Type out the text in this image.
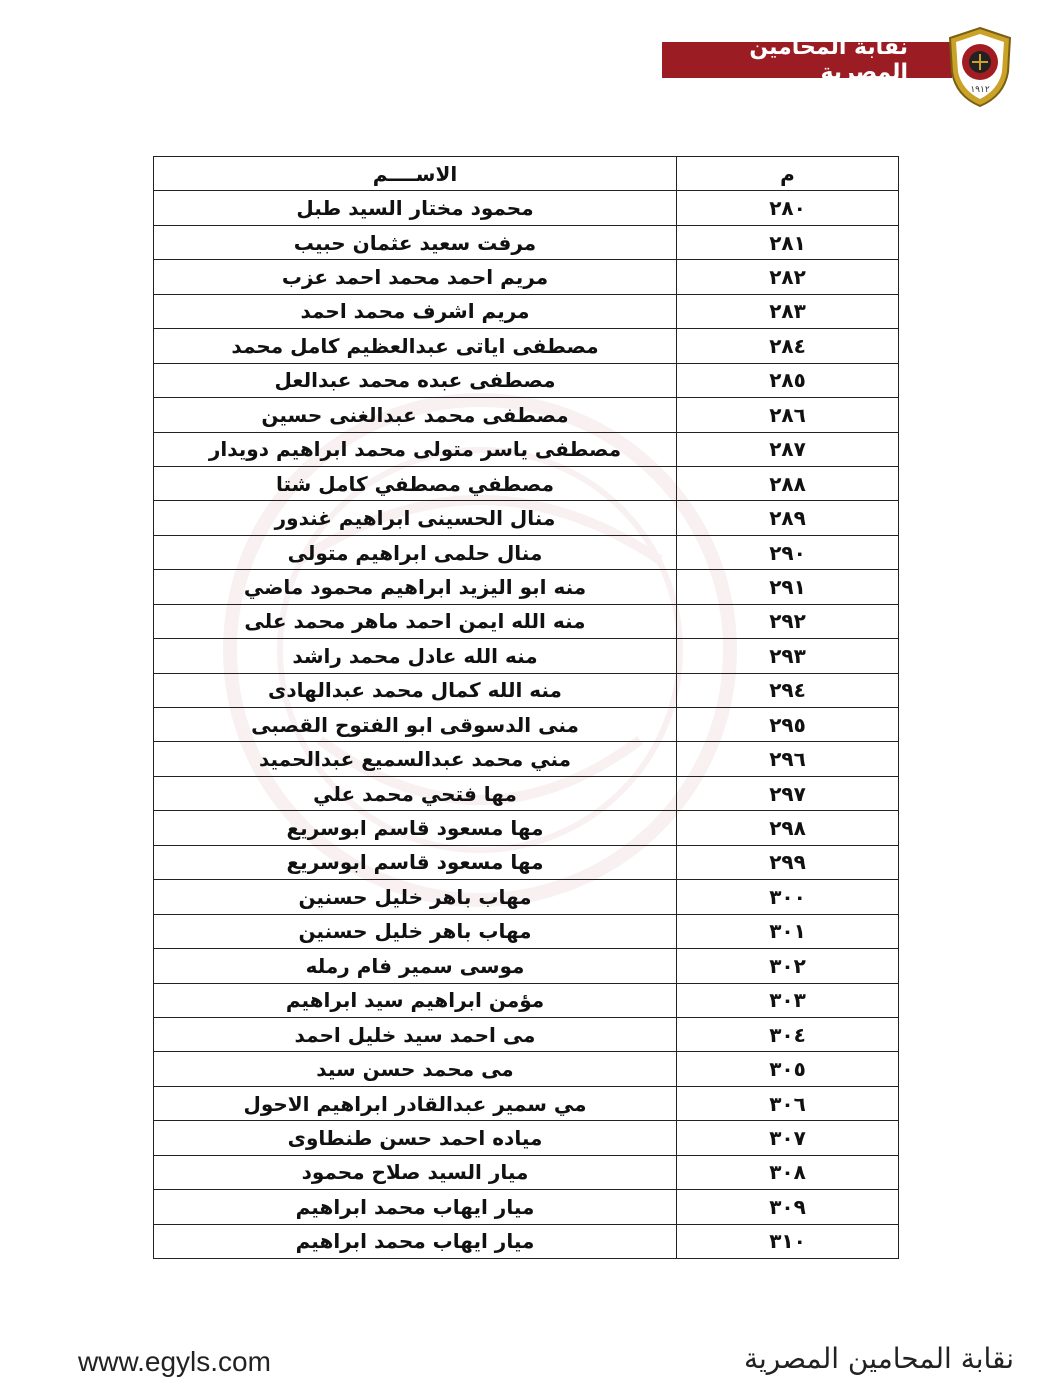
نقابة المحامين المصرية
١٩١٢
م	الاســــم
٢٨٠	محمود مختار السيد طبل
٢٨١	مرفت سعيد عثمان حبيب
٢٨٢	مريم احمد محمد احمد عزب
٢٨٣	مريم اشرف محمد احمد
٢٨٤	مصطفى اياتى عبدالعظيم كامل محمد
٢٨٥	مصطفى عبده محمد عبدالعل
٢٨٦	مصطفى محمد عبدالغنى حسين
٢٨٧	مصطفى ياسر متولى محمد ابراهيم دويدار
٢٨٨	مصطفي مصطفي كامل شتا
٢٨٩	منال الحسينى ابراهيم غندور
٢٩٠	منال حلمى ابراهيم متولى
٢٩١	منه ابو اليزيد ابراهيم محمود ماضي
٢٩٢	منه الله ايمن احمد ماهر محمد على
٢٩٣	منه الله عادل محمد راشد
٢٩٤	منه الله كمال محمد عبدالهادى
٢٩٥	منى الدسوقى ابو الفتوح القصبى
٢٩٦	مني محمد عبدالسميع عبدالحميد
٢٩٧	مها فتحي محمد علي
٢٩٨	مها مسعود قاسم ابوسريع
٢٩٩	مها مسعود قاسم ابوسريع
٣٠٠	مهاب باهر خليل حسنين
٣٠١	مهاب باهر خليل حسنين
٣٠٢	موسى سمير فام رمله
٣٠٣	مؤمن ابراهيم سيد ابراهيم
٣٠٤	مى احمد سيد خليل احمد
٣٠٥	مى محمد حسن سيد
٣٠٦	مي سمير عبدالقادر ابراهيم الاحول
٣٠٧	مياده احمد حسن طنطاوى
٣٠٨	ميار السيد صلاح محمود
٣٠٩	ميار ايهاب محمد ابراهيم
٣١٠	ميار ايهاب محمد ابراهيم
www.egyls.com	نقابة المحامين المصرية
